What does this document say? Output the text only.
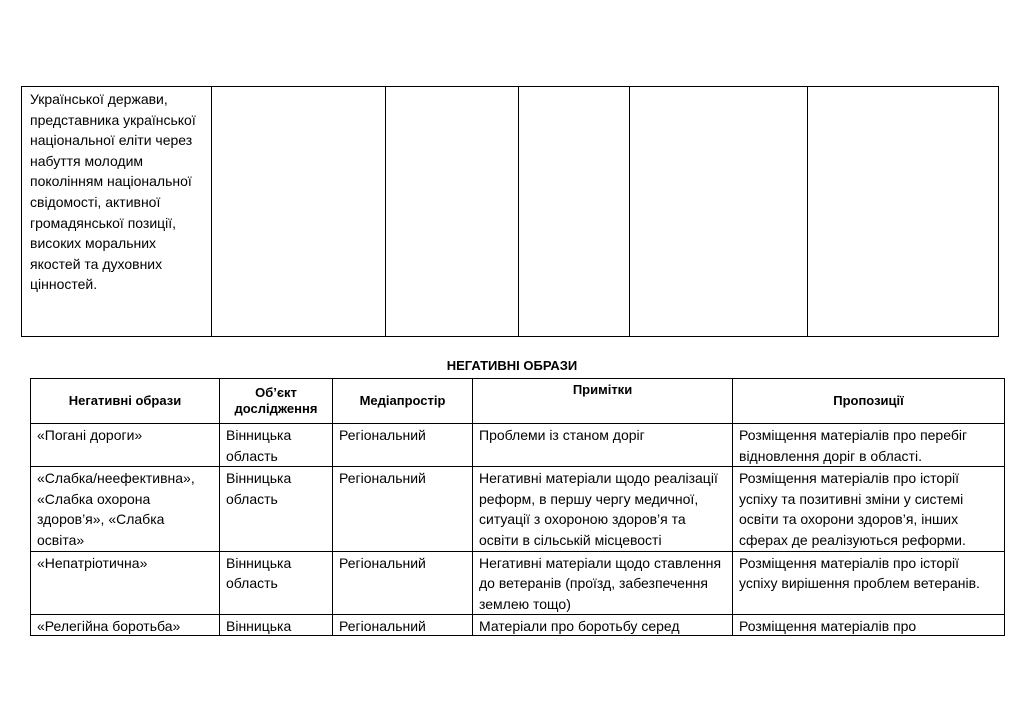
Української держави, представника української національної еліти через набуття молодим поколінням національної свідомості, активної громадянської позиції, високих моральних якостей та духовних цінностей.					
НЕГАТИВНІ ОБРАЗИ
Негативні образи	Об’єкт дослідження	Медіапростір	Примітки	Пропозиції
«Погані дороги»	Вінницька область	Регіональний	Проблеми із станом доріг	Розміщення матеріалів про перебіг відновлення доріг в області.
«Слабка/неефективна», «Слабка охорона здоров’я», «Слабка освіта»	Вінницька область	Регіональний	Негативні матеріали щодо реалізації реформ, в першу чергу медичної, ситуації з охороною здоров’я та освіти в сільській місцевості	Розміщення матеріалів про історії успіху та позитивні зміни у системі освіти та охорони здоров’я, інших сферах де реалізуються реформи.
«Непатріотична»	Вінницька область	Регіональний	Негативні матеріали щодо ставлення до ветеранів (проїзд, забезпечення землею тощо)	Розміщення матеріалів про історії успіху вирішення проблем ветеранів.

«Релегійна боротьба»	Вінницька	Регіональний	Матеріали про боротьбу серед	Розміщення матеріалів про
